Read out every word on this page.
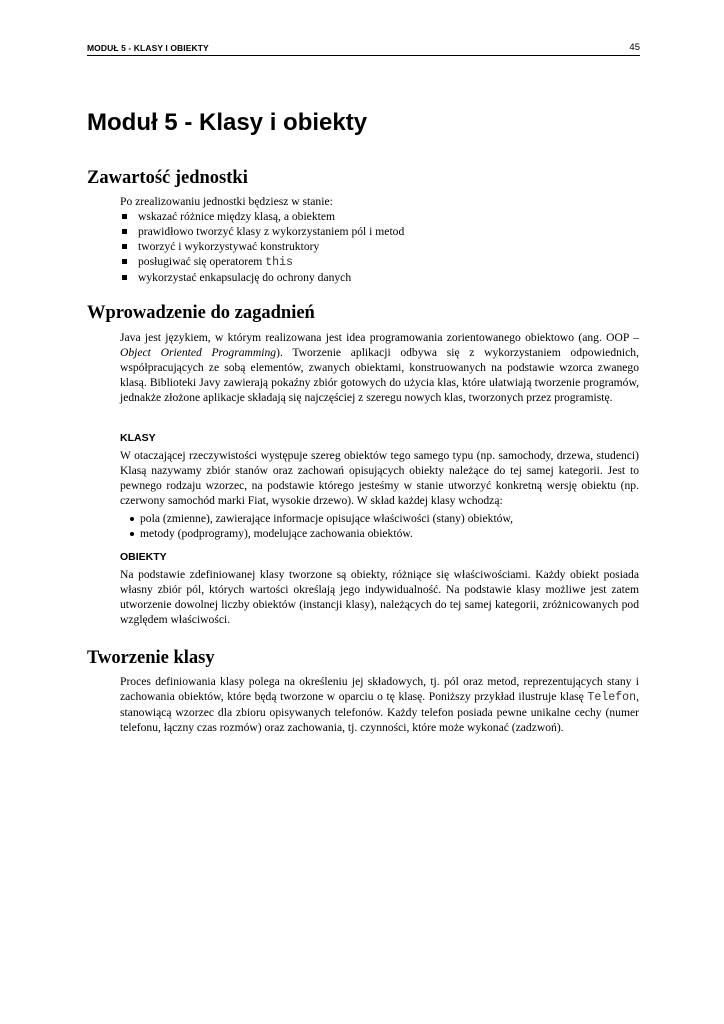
MODUŁ 5 - KLASY I OBIEKTY	45
Moduł 5 - Klasy i obiekty
Zawartość jednostki

Po zrealizowaniu jednostki będziesz w stanie:

wskazać różnice między klasą, a obiektem
prawidłowo tworzyć klasy z wykorzystaniem pól i metod
tworzyć i wykorzystywać konstruktory
posługiwać się operatorem this
wykorzystać enkapsulację do ochrony danych
Wprowadzenie do zagadnień

Java jest językiem, w którym realizowana jest idea programowania zorientowanego obiektowo (ang. OOP – Object Oriented Programming). Tworzenie aplikacji odbywa się z wykorzystaniem odpowiednich, współpracujących ze sobą elementów, zwanych obiektami, konstruowanych na podstawie wzorca zwanego klasą. Biblioteki Javy zawierają pokaźny zbiór gotowych do użycia klas, które ułatwiają tworzenie programów, jednakże złożone aplikacje składają się najczęściej z szeregu nowych klas, tworzonych przez programistę.

KLASY

W otaczającej rzeczywistości występuje szereg obiektów tego samego typu (np. samochody, drzewa, studenci) Klasą nazywamy zbiór stanów oraz zachowań opisujących obiekty należące do tej samej kategorii. Jest to pewnego rodzaju wzorzec, na podstawie którego jesteśmy w stanie utworzyć konkretną wersję obiektu (np. czerwony samochód marki Fiat, wysokie drzewo). W skład każdej klasy wchodzą:

pola (zmienne), zawierające informacje opisujące właściwości (stany) obiektów,
metody (podprogramy), modelujące zachowania obiektów.
OBIEKTY

Na podstawie zdefiniowanej klasy tworzone są obiekty, różniące się właściwościami. Każdy obiekt posiada własny zbiór pól, których wartości określają jego indywidualność. Na podstawie klasy możliwe jest zatem utworzenie dowolnej liczby obiektów (instancji klasy), należących do tej samej kategorii, zróżnicowanych pod względem właściwości.

Tworzenie klasy

Proces definiowania klasy polega na określeniu jej składowych, tj. pól oraz metod, reprezentujących stany i zachowania obiektów, które będą tworzone w oparciu o tę klasę. Poniższy przykład ilustruje klasę Telefon, stanowiącą wzorzec dla zbioru opisywanych telefonów. Każdy telefon posiada pewne unikalne cechy (numer telefonu, łączny czas rozmów) oraz zachowania, tj. czynności, które może wykonać (zadzwoń).
